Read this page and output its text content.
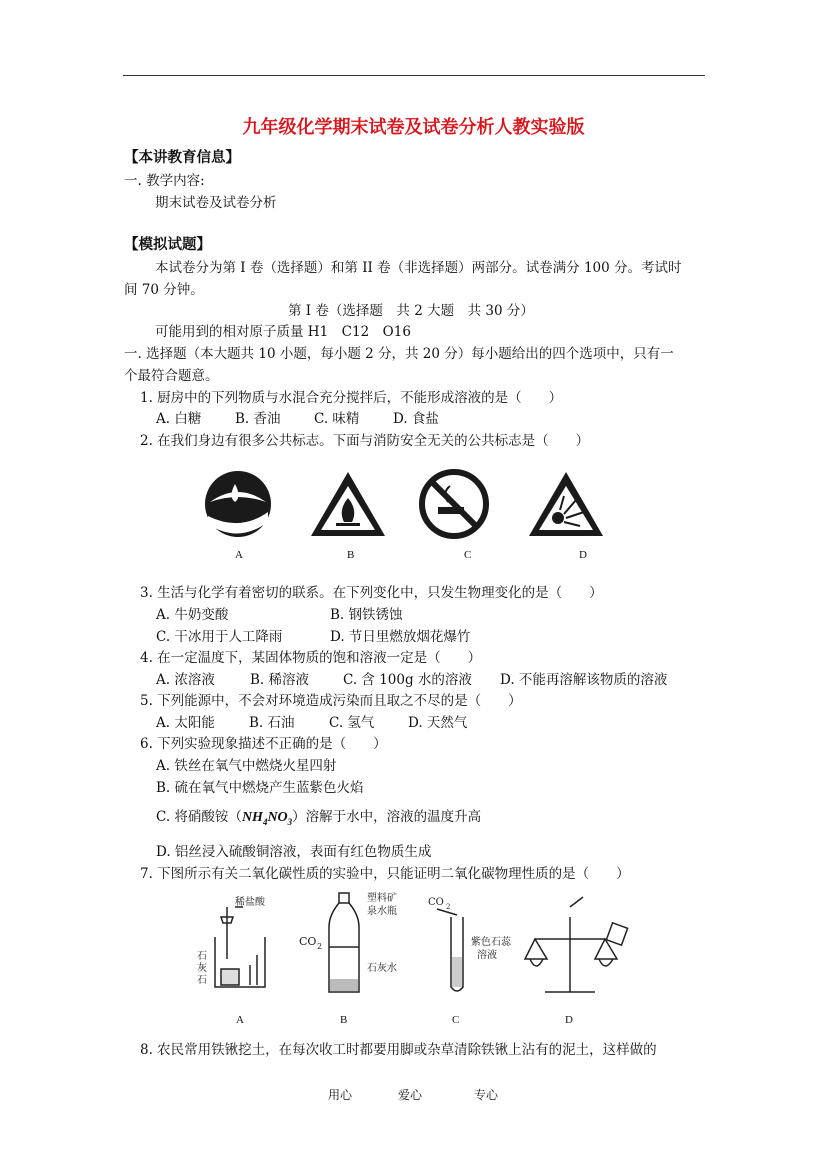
九年级化学期末试卷及试卷分析人教实验版
【本讲教育信息】
一. 教学内容:
期末试卷及试卷分析
【模拟试题】
本试卷分为第 I 卷（选择题）和第 II 卷（非选择题）两部分。试卷满分 100 分。考试时
间 70 分钟。
第 I 卷（选择题　共 2 大题　共 30 分）
可能用到的相对原子质量 H1　C12　O16
一. 选择题（本大题共 10 小题，每小题 2 分，共 20 分）每小题给出的四个选项中，只有一
个最符合题意。
1. 厨房中的下列物质与水混合充分搅拌后，不能形成溶液的是（　　）
A. 白糖 B. 香油 C. 味精 D. 食盐
2. 在我们身边有很多公共标志。下面与消防安全无关的公共标志是（　　）
A	B	C	D
3. 生活与化学有着密切的联系。在下列变化中，只发生物理变化的是（　　）
A. 牛奶变酸	B. 钢铁锈蚀
C. 干冰用于人工降雨	D. 节日里燃放烟花爆竹
4. 在一定温度下，某固体物质的饱和溶液一定是（　　）
A. 浓溶液	B. 稀溶液	C. 含 100g 水的溶液 D. 不能再溶解该物质的溶液
5. 下列能源中，不会对环境造成污染而且取之不尽的是（　　）
A. 太阳能	B. 石油	C. 氢气 D. 天然气
6. 下列实验现象描述不正确的是（　　）
A. 铁丝在氧气中燃烧火星四射
B. 硫在氧气中燃烧产生蓝紫色火焰
C. 将硝酸铵$(NH_4NO_3)$溶解于水中，溶液的温度升高
D. 铝丝浸入硫酸铜溶液，表面有红色物质生成
7. 下图所示有关二氧化碳性质的实验中，只能证明二氧化碳物理性质的是（　　）
稀盐酸
石
灰
石
CO 2
塑料矿
泉水瓶
石灰水
CO 2
紫色石蕊
溶液
A	B	C	D
8. 农民常用铁锹挖土，在每次收工时都要用脚或杂草清除铁锹上沾有的泥土，这样做的
用心	爱心	专心
